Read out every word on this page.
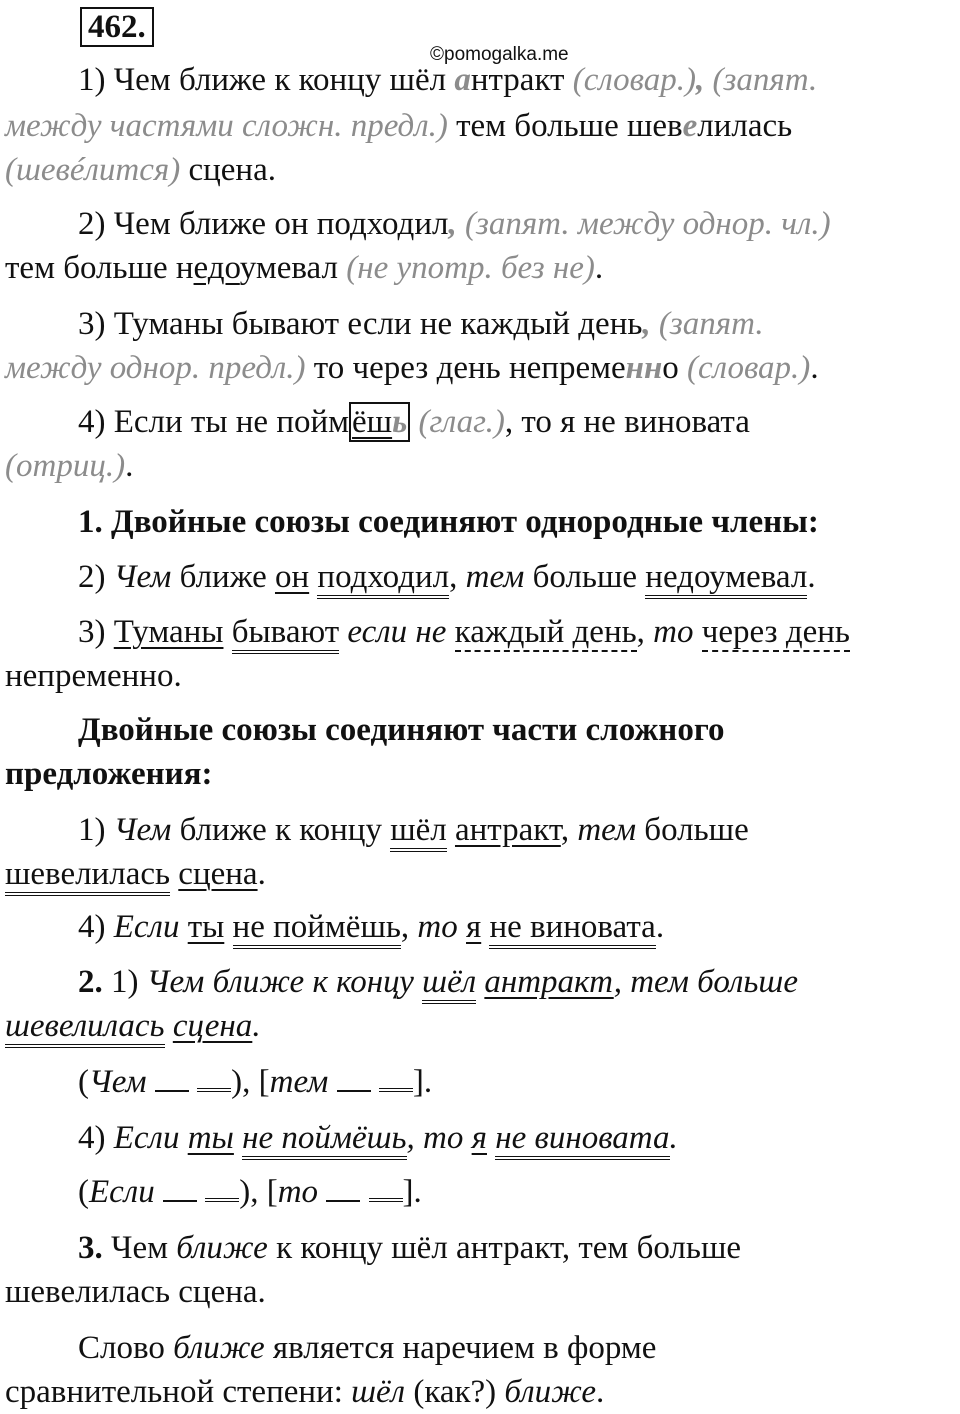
462.
©pomogalka.me
1) Чем ближе к концу шёл антракт (словар.), (запят.
между частями сложн. предл.) тем больше шевелилась
(шевéлится) сцена.
2) Чем ближе он подходил, (запят. между однор. чл.)
тем больше недоумевал (не употр. без не).
3) Туманы бывают если не каждый день, (запят.
между однор. предл.) то через день непременно (словар.).
4) Если ты не поймёшь (глаг.), то я не виновата
(отриц.).
1. Двойные союзы соединяют однородные члены:
2) Чем ближе он подходил, тем больше недоумевал.
3) Туманы бывают если не каждый день, то через день
непременно.
Двойные союзы соединяют части сложного
предложения:
1) Чем ближе к концу шёл антракт, тем больше
шевелилась сцена.
4) Если ты не поймёшь, то я не виновата.
2. 1) Чем ближе к концу шёл антракт, тем больше
шевелилась сцена.
(Чем	), [тем	].
4) Если ты не поймёшь, то я не виновата.
(Если	), [то	].
3. Чем ближе к концу шёл антракт, тем больше
шевелилась сцена.
Слово ближе является наречием в форме
сравнительной степени: шёл (как?) ближе.
